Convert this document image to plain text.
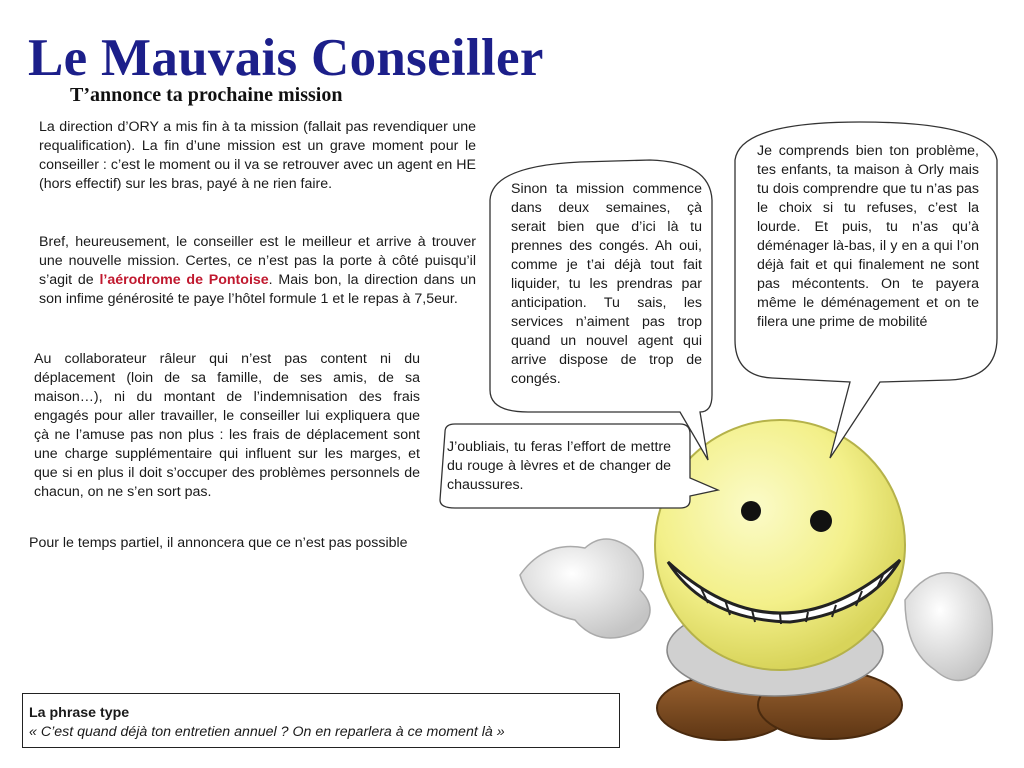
Le Mauvais Conseiller
T’annonce ta prochaine mission

La direction d’ORY a mis fin à ta mission (fallait pas revendiquer une requalification). La fin d’une mission est un grave moment pour le conseiller : c’est le moment ou il va se retrouver avec un agent en HE (hors effectif) sur les bras, payé à ne rien faire.

Bref, heureusement, le conseiller est le meilleur et arrive à trouver une nouvelle mission. Certes, ce n’est pas la porte à côté puisqu’il s’agit de l’aérodrome de Pontoise. Mais bon, la direction dans un son infime générosité te paye l’hôtel formule 1 et le repas à 7,5eur.

Au collaborateur râleur qui n’est pas content ni du déplacement (loin de sa famille, de ses amis, de sa maison…), ni du montant de l’indemnisation des frais engagés pour aller travailler, le conseiller lui expliquera que çà ne l’amuse pas non plus : les frais de déplacement sont une charge supplémentaire qui influent sur les marges, et que si en plus il doit s’occuper des problèmes personnels de chacun, on ne s’en sort pas.

Pour le temps partiel, il annoncera que ce n’est pas possible

Sinon ta mission commence dans deux semaines, çà serait bien que d’ici là tu prennes des congés. Ah oui, comme je t’ai déjà tout fait liquider, tu les prendras par anticipation. Tu sais, les services n’aiment pas trop quand un nouvel agent qui arrive dispose de trop de congés.

Je comprends bien ton problème, tes enfants, ta maison à Orly mais tu dois comprendre que tu n’as pas le choix si tu refuses, c’est la lourde. Et puis, tu n’as qu’à déménager là-bas, il y en a qui l’on déjà fait et qui finalement ne sont pas mécontents. On te payera même le déménagement et on te filera une prime de mobilité

J’oubliais, tu feras l’effort de mettre du rouge à lèvres et de changer de chaussures.

La phrase type

« C’est quand déjà ton entretien annuel ? On en reparlera à ce moment là »
